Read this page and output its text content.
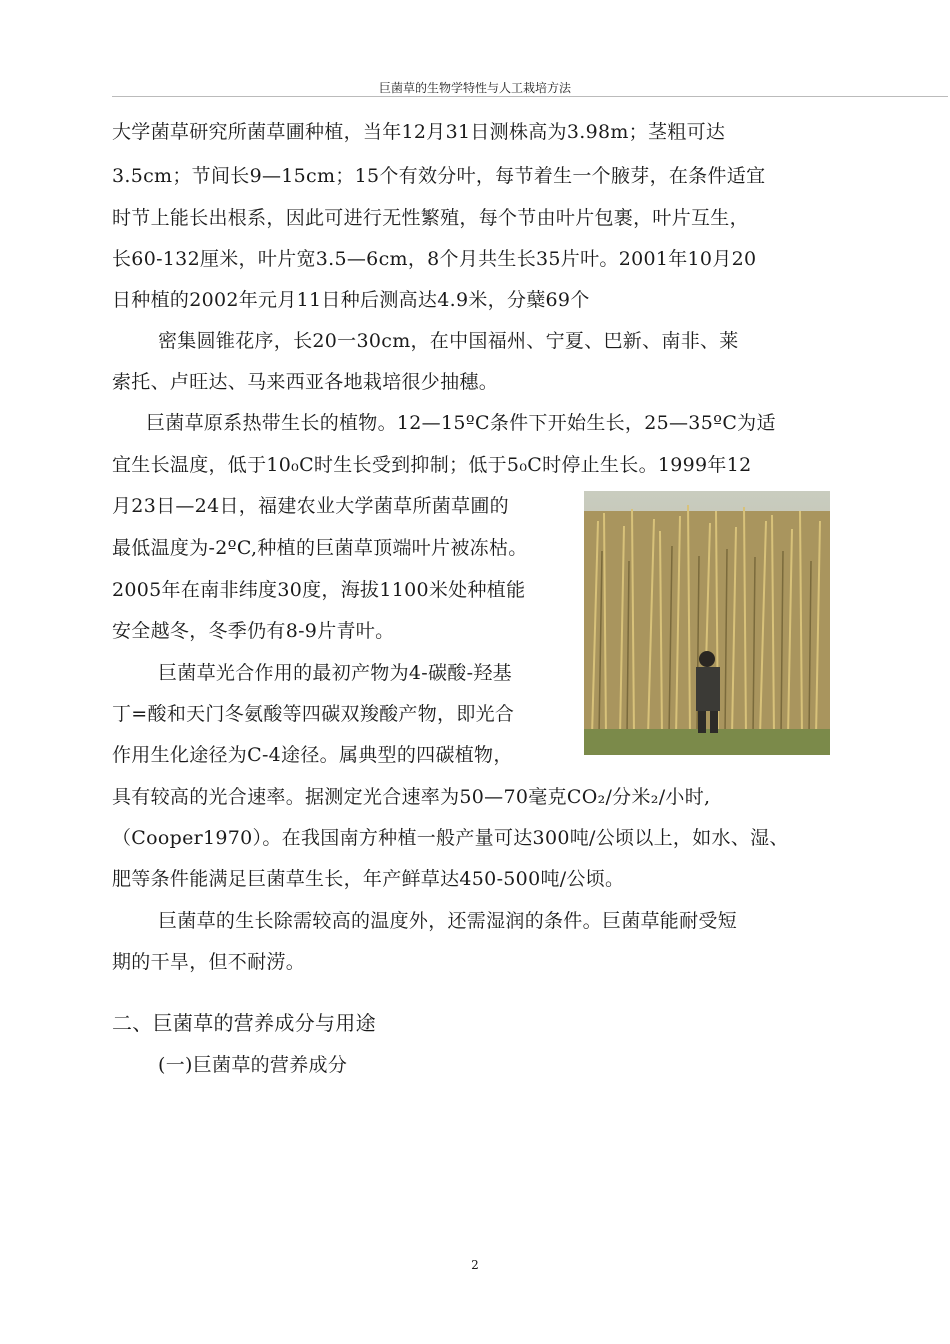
巨菌草的生物学特性与人工栽培方法
大学菌草研究所菌草圃种植，当年12月31日测株高为3.98m；茎粗可达
3.5cm；节间长9—15cm；15个有效分叶，每节着生一个腋芽，在条件适宜
时节上能长出根系，因此可进行无性繁殖，每个节由叶片包裹，叶片互生，
长60-132厘米，叶片宽3.5—6cm，8个月共生长35片叶。2001年10月20
日种植的2002年元月11日种后测高达4.9米，分蘖69个
密集圆锥花序，长20一30cm，在中国福州、宁夏、巴新、南非、莱
索托、卢旺达、马来西亚各地栽培很少抽穗。
巨菌草原系热带生长的植物。12—15ºC条件下开始生长，25—35ºC为适
宜生长温度，低于10₀C时生长受到抑制；低于5₀C时停止生长。1999年12
月23日—24日，福建农业大学菌草所菌草圃的
最低温度为-2ºC,种植的巨菌草顶端叶片被冻枯。
2005年在南非纬度30度，海拔1100米处种植能
安全越冬，冬季仍有8-9片青叶。
巨菌草光合作用的最初产物为4-碳酸-羟基
丁=酸和天门冬氨酸等四碳双羧酸产物，即光合
作用生化途径为C-4途径。属典型的四碳植物，
具有较高的光合速率。据测定光合速率为50—70毫克CO₂/分米₂/小时,
（Cooper1970）。在我国南方种植一般产量可达300吨/公顷以上，如水、湿、
肥等条件能满足巨菌草生长，年产鲜草达450-500吨/公顷。
巨菌草的生长除需较高的温度外，还需湿润的条件。巨菌草能耐受短
期的干旱，但不耐涝。
二、巨菌草的营养成分与用途
(一)巨菌草的营养成分
2
